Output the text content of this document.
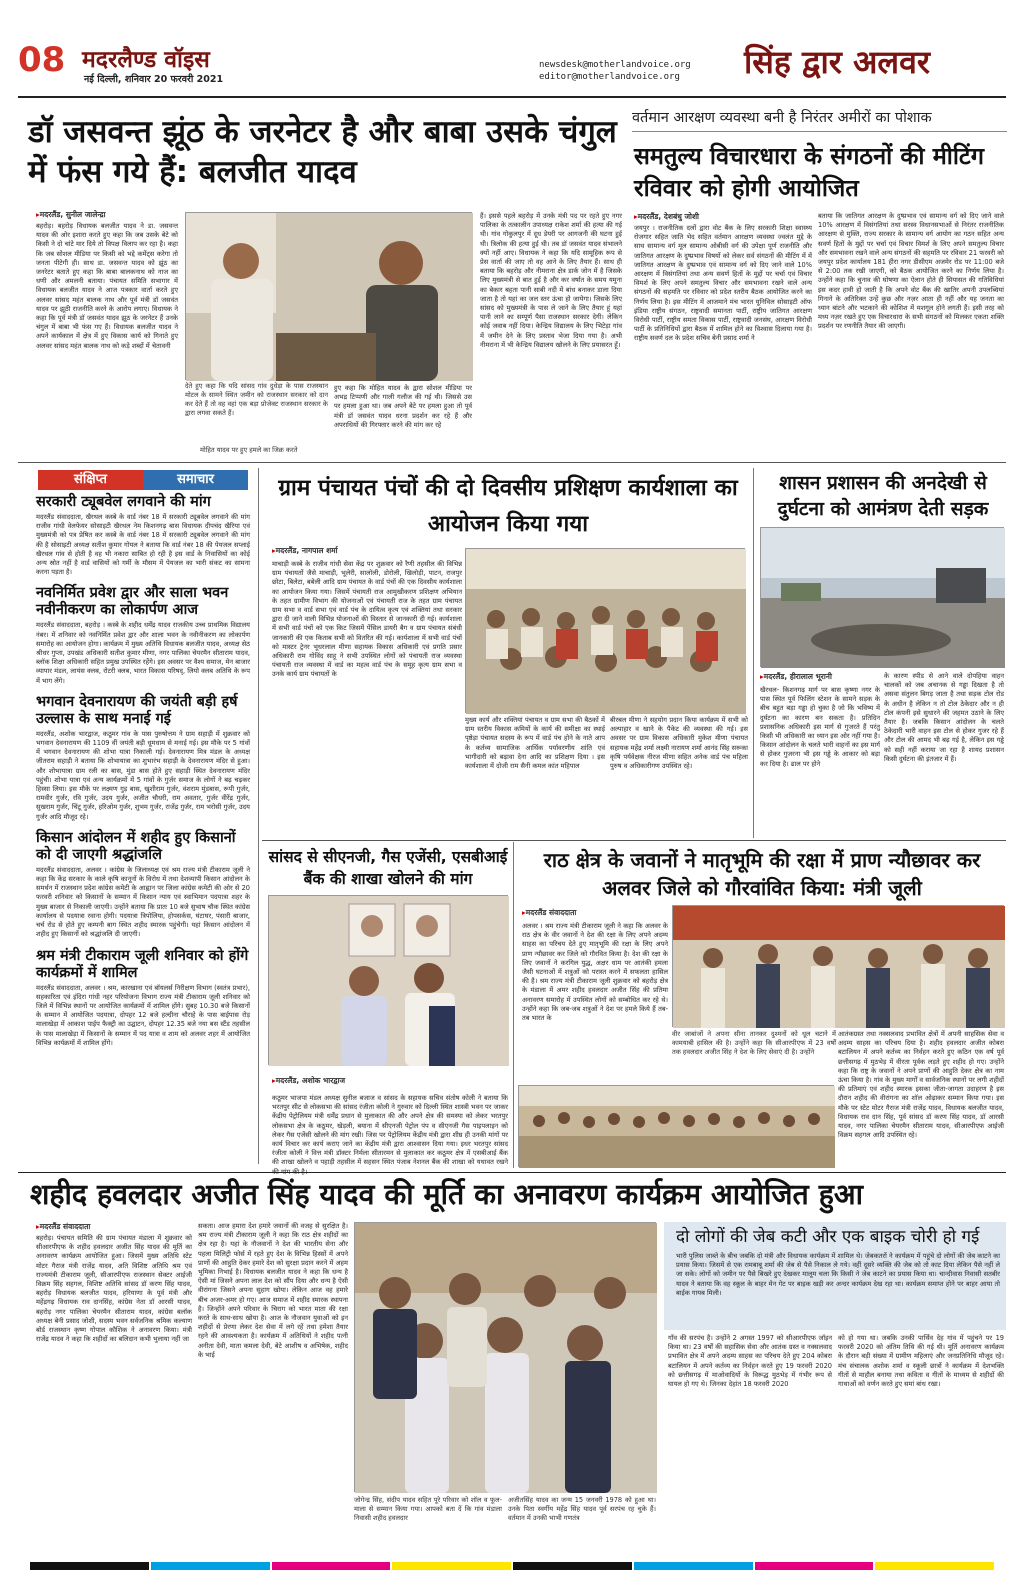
08 मदरलैण्ड वॉइस
नई दिल्ली, शनिवार 20 फरवरी 2021
newsdesk@motherlandvoice.org
editor@motherlandvoice.org सिंह द्वार अलवर
डॉ जसवन्त झूंठ के जरनेटर है और बाबा उसके चंगुल में फंस गये हैं: बलजीत यादव
▸ मदरलैंड, सुनील जालेन्द्रा
बहरोड़। बहरोड़ विधायक बलजीत यादव ने डा. जसवन्त यादव की ओर इशारा करते हुए कहा कि जब उसके बेटे को किसी ने दो चांटे मार दिये तो विपक्ष विलाप कर रहा है। कहा कि जब सोशल मीडिया पर किसी को भद्दे कमेंट्स करेगा तो जनता पीटेगी ही। साथ डा. जसवन्त यादव को झूंठ का जनरेटर बताते हुए कहा कि बाबा बालकनाथ को नाज का धणी और अमलनी बताया। पंचायत समिति सभागार में विधायक बलजीत यादव ने आज पत्रकार वार्ता करते हुए अलवर सांसद महंत बालक नाथ और पूर्व मंत्री डॉ जसवंत यादव पर झूठी राजनीति करने के आरोप लगाए। विधायक ने कहा कि पूर्व मंत्री डॉ जसवंत यादव झूठ के जरनेटर हैं उनके चंगुल में बाबा भी फंस गए हैं। विधायक बलजीत यादव ने अपने कार्यकाल में क्षेत्र में हुए विकास कार्य को गिनाते हुए अलवर सांसद महंत बालक नाथ को कड़े शब्दों में चेतावनी
देते हुए कहा कि यदि सांसद गांव दुधेड़ा के पास राजस्थान मोटल के सामने स्थित जमीन को राजस्थान सरकार को दान कर देते हैं तो वह वहां एक बड़ा प्रोजेक्ट राजस्थान सरकार के द्वारा लगवा सकते हैं।
मोहित यादव पर हुए हमले का जिक्र करते
हुए कहा कि मोहित यादव के द्वारा सोशल मीडिया पर अभद्र टिप्पणी और गाली गलौज की गई थी। जिससे उस पर हमला हुआ था। जब अपने बेटे पर हमला हुआ तो पूर्व मंत्री डॉ जसवंत यादव धरना प्रदर्शन कर रहे हैं और अपराधियों की गिरफ्तार करने की मांग कर रहे
हैं। इससे पहले बहरोड़ में उनके मंत्री पद पर रहते हुए नगर पालिका के तत्कालीन उपाध्यक्ष राकेश शर्मा की हत्या की गई थी। गांव गोकुलपुर में दूध डेयरी पर आगजनी की घटना हुई थी। त्रिलोक की हत्या हुई थी। तब डॉ जसवंत यादव संभालने क्यों नहीं आए। विधायक ने कहा कि यदि सामूहिक रूप से प्रेस वार्ता की जाए तो वह आने के लिए तैयार हैं। साथ ही बताया कि बहरोड़ और नीमराना क्षेत्र डार्क जोन में है जिसके लिए मुख्यमंत्री से बात हुई है और कर वर्षात के समय यमुना का बेकार बहता पानी साबी नदी में बांध बनाकर डाला दिया जाता है तो यहां का जल स्तर ऊंचा हो जायेगा। जिसके लिए सांसद को मुख्यमंत्री के पास ले जाने के लिए तैयार हूं यहां पानी लाने का सम्पूर्ण पैसा राजस्थान सरकार देगी। लेकिन कोई जवाब नहीं दिया। केन्द्रिय विद्यालय के लिए भिटेड़ा गांव में जमीन देने के लिए प्रस्ताव भेजा दिया गया है। अभी नीमराना में भी केन्द्रिय विद्यालय खोलने के लिए प्रयासरत हूँ।
वर्तमान आरक्षण व्यवस्था बनी है निरंतर अमीरों का पोशाक
समतुल्य विचारधारा के संगठनों की मीटिंग रविवार को होगी आयोजित
▸ मदरलैंड, देशबंधु जोशी
जयपुर । राजनीतिक दलों द्वारा वोट बैंक के लिए सरकारी शिक्षा स्वास्थ्य रोजगार सहित जाति भेद सहित वर्तमान आरक्षण व्यवस्था ज्वलंत मुद्दे के साथ सामान्य वर्ग मूल सामान्य ओबीसी वर्ग की उपेक्षा पूर्ण राजनीति और जातिगत आरक्षण के दुष्प्रभाव विषयों को लेकर सर्व संगठनों की मीटिंग में में जातिगत आरक्षण के दुष्प्रभाव एवं सामान्य वर्ग को दिए जाने वाले 10% आरक्षण में विसंगतियां तथा अन्य सवर्ण हितों के मुद्दों पर चर्चा एवं विचार विमर्श के लिए अपने समतुल्य विचार और समभावना रखने वाले अन्य संगठनों की सहमति पर रविवार को प्रदेश स्तरीय बैठक आयोजित करने का निर्णय लिया है। इस मीटिंग में आजमाने मंच भारत यूनिविल सोसाइटी ऑफ इंडिया राष्ट्रीय संगठन, राष्ट्रवादी समानता पार्टी, राष्ट्रीय जातिगत आरक्षण विरोधी पार्टी, राष्ट्रीय समता विकास पार्टी, राष्ट्रवादी जनसंघ, आरक्षण विरोधी पार्टी के प्रतिनिधियों द्वारा बैठक में शामिल होने का विश्वास दिलाया गया है। राष्ट्रीय सवर्ण दल के प्रदेश सचिव बेनी प्रसाद शर्मा ने
बताया कि जातिगत आरक्षण के दुष्प्रभाव एवं सामान्य वर्ग को दिए जाने वाले 10% आरक्षण में विसंगतियां तथा सरस्व विधानसभाओं से निरंतर राजनीतिक आरक्षण से मुक्ति, राज्य सरकार के सामान्य वर्ग आयोग का गठन सहित अन्य सवर्ण हितों के मुद्दों पर चर्चा एवं विचार विमर्श के लिए अपने समतुल्य विचार और समभावना रखने वाले अन्य संगठनों की सहमति पर रविवार 21 फरवरी को जयपुर प्रदेश कार्यालय 181 हीरा नगर डीसीएम अजमेर रोड पर 11:00 बजे से 2:00 तक रखी जाएगी, को बैठक आयोजित करने का निर्णय लिया है। उन्होंने कहा कि चुनाव की घोषणा का ऐलान होते ही सियासत की गतिविधियां इस कदर हावी हो जाती है कि अपने वोट बैंक की खातिर अपनी उपलब्धियां गिनाने के अतिरिक्त उन्हें कुछ और नज़र आता ही नहीं और यह जनता का ध्यान बांटने और भटकाने की कोशिश में मशगूल होने लगती हैं। इसी तरह को मध्य नज़र रखते हुए एक विचारधारा के सभी संगठनों को मिलकर एकता शक्ति प्रदर्शन पर रणनीति तैयार की जाएगी।
संक्षिप्त	समाचार
सरकारी ट्यूबवेल लगवाने की मांग
मदरलैंड संवाददाता, खैरथल कस्बे के वार्ड नंबर 18 में सरकारी ट्यूबवेल लगवाने की मांग राजीव गांधी वेलफेयर सोसाइटी खैरथल नेम किशनगढ़ बास विधायक दीपचंद खैरिया एवं मुख्यमंत्री को पत्र प्रेषित कर कस्बे के वार्ड नंबर 18 में सरकारी ट्यूबवेल लगवाने की मांग की है सोसाइटी अध्यक्ष सतीश कुमार गोयल ने बताया कि वार्ड नंबर 18 की पेयजल सप्लाई खैरथल गांव से होती है वह भी नकारा साबित हो रही है इस वार्ड के निवासियों का कोई अन्य स्रोत नहीं है वार्ड वासियों को गर्मी के मौसम में पेयजल का भारी संकट का सामना करना पड़ता है।
नवनिर्मित प्रवेश द्वार और साला भवन नवीनीकरण का लोकार्पण आज
मदरलैंड संवाददाता, बहरोड़ । कस्बे के शहीद धर्मेंद्र यादव राजकीय उच्च प्राथमिक विद्यालय नंबर। में शनिवार को नवनिर्मित प्रवेश द्वार और शाला भवन के नवीनीकरण का लोकार्पण समारोह का आयोजन होगा। कार्यक्रम में मुख्य अतिथि विधायक बलजीत यादव, अध्यक्ष सेठ श्रीधर गुप्ता, उपखंड अधिकारी सतीश कुमार मीणा, नगर पालिका चेयरमैन सीताराम यादव, ब्लॉक शिक्षा अधिकारी सहित प्रमुख उपस्थित रहेंगे। इस अवसर पर वैश्य समाज, मेन बाजार व्यापार मंडल, लायंस क्लब, रोटरी क्लब, भारत विकास परिषद्, लियो क्लब अतिथि के रूप में भाग लेंगे।
भगवान देवनारायण की जयंती बड़ी हर्ष उल्लास के साथ मनाई गई
मदरलैंड, अशोक भारद्वाज, कठूमर गांव के पास पुरुषोत्तम ने ग्राम सहाड़ी में शुक्रवार को भगवान देवनारायण की 1109 वीं जयंती बड़ी धूमधाम से मनाई गई। इस मौके पर 5 गांवों में भगवान देवनारायण की शोभा यात्रा निकाली गई। देवनारायण मित्र मंडल के अध्यक्ष जीतराम सहाड़ी ने बताया कि शोभायात्रा का शुभारंभ सहाड़ी के देवनारायण मंदिर से हुआ। और शोभायात्रा ग्राम रली का बास, मुंडा बास होते हुए सहाड़ी स्थित देवनारायण मंदिर पहुंची। शोभा यात्रा एवं अन्य कार्यक्रमों में 5 गांवों के गुर्जर समाज के लोगों ने बढ़ चढ़कर हिस्सा लिया। इस मौके पर लक्ष्मण गुड़ बास, खुशीराम गुर्जर, वंशराम मुंडबास, रूपी गुर्जर, रामवीर गुर्जर, रवि गुर्जर, उदय गुर्जर, अजीत चौधरी, राम अवतार, गुर्जर वीरेंद्र गुर्जर, सुखराम गुर्जर, चिंटू गुर्जर, हरिओम गुर्जर, शुभम गुर्जर, राजेंद्र गुर्जर, राम भरोसी गुर्जर, उदय गुर्जर आदि मौजूद रहे।
किसान आंदोलन में शहीद हुए किसानों को दी जाएगी श्रद्धांजलि
मदरलैंड संवाददाता, अलवर । कांग्रेस के जिलाध्यक्ष एवं श्रम राज्य मंत्री टीकाराम जूली ने कहा कि केंद्र सरकार के काले कृषि कानूनों के विरोध में तथा देशव्यापी किसान आंदोलन के समर्थन में राजस्थान प्रदेश कांग्रेस कमेटी के आह्वान पर जिला कांग्रेस कमेटी की ओर से 20 फरवरी शनिवार को किसानों के सम्मान में किसान न्याय एवं स्वाभिमान पदयात्रा शहर के मुख्य बाजार से निकाली जाएगी। उन्होंने बताया कि प्रातः 10 बजे सुभाष चौक स्थित कांग्रेस कार्यालय से पदयात्रा रवाना होगी। पदयात्रा त्रिपोलिया, होपसर्कस, घंटाघर, पंसारी बाजार, चर्च रोड से होते हुए कम्पनी बाग स्थित शहीद स्मारक पहुंचेगी। यहां किसान आंदोलन में शहीद हुए किसानों को श्रद्धांजलि दी जाएगी।
श्रम मंत्री टीकाराम जूली शनिवार को होंगे कार्यक्रमों में शामिल
मदरलैंड संवाददाता, अलवर । श्रम, कारखाना एवं बॉयलर्स निरीक्षण विभाग (स्वतंत्र प्रभार), सहकारिता एवं इंदिरा गांधी नहर परियोजना विभाग राज्य मंत्री टीकाराम जूली शनिवार को जिले में विभिन्न स्थानों पर आयोजित कार्यक्रमों में शामिल होंगे। सुबह 10.30 बजे किसानों के सम्मान में आयोजित पदयात्रा, दोपहर 12 बजे हल्दीना चौराहे के पास बाईपास रोड़ मालाखेड़ा में आकाश पाईप फैक्ट्री का उद्घाटन, दोपहर 12.35 बजे नया बस स्टैंड तहसील के पास मालाखेड़ा में किसानों के सम्मान में पद यात्रा व शाम को अलवर शहर में आयोजित विभिन्न कार्यक्रमों में शामिल होंगे।
ग्राम पंचायत पंचों की दो दिवसीय प्रशिक्षण कार्यशाला का आयोजन किया गया
▸ मदरलैंड, नागपाल शर्मा
माचाड़ी कस्बे के राजीव गांधी सेवा केंद्र पर शुक्रवार को रैणी तहसील की विभिन्न ग्राम पंचायतों जैसे माचाड़ी, भूलेरी, सालोली, डोरोली, खिलोड़ी, पाटन, राजपुर छोटा, बिलेटा, बबेली आदि ग्राम पंचायत के वार्ड पंचों की एक दिवसीय कार्यशाला का आयोजन किया गया। जिसमें पंचायती राज आमुखीकरण प्रशिक्षण अभियान के तहत ग्रामीण विभाग की योजनाओं एवं पंचायती राज के तहत ग्राम पंचायत ग्राम सभा व वार्ड सभा एवं वार्ड पंच के दायित्व कृत्य एवं शक्तियां तथा सरकार द्वारा दी जाने वाली विभिन्न योजनाओं की विस्तार से जानकारी दी गई। कार्यशाला में सभी वार्ड पंचों को एक किट जिसमें पेंसिल डायरी बैग व ग्राम पंचायत संबंधी जानकारी की एक किताब सभी को वितरित की गई। कार्यशाला में सभी वार्ड पंचों को मास्टर ट्रेनर भूधरलाल मीणा सहायक विकास अधिकारी एवं प्रगति प्रसार अधिकारी राम गोविंद साहू ने सभी उपस्थित लोगों को पंचायती राज व्यवस्था पंचायती राज व्यवस्था में वार्ड का महत्व वार्ड पंच के समूह कृत्य ग्राम सभा व उनके कार्य ग्राम पंचायतों के
मुख्य कार्य और शक्तियां पंचायत व ग्राम सभा की बैठकों में ग्राम स्तरीय विकास कमियों के कार्य की समीक्षा का स्थाई पृष्ठेड़ा पंचायत सदस्य के रूप में वार्ड पंच होने के नाते आप के कर्तव्य सामाजिक आर्थिक पर्यावरणीय शांति एवं भागीदारी को बढ़ावा देना आदि का प्रशिक्षण दिया । इस कार्यशाला में दोजी राम सैनी कमल कांत महिपाल
बीरबल मीणा ने सहयोग प्रदान किया कार्यक्रम में सभी को अल्पाहार व खाने के पैकेट की व्यवस्था की गई। इस अवसर पर ग्राम विकास अधिकारी मुकेश मीणा पंचायत सहायक महेंद्र शर्मा लक्ष्मी नारायण शर्मा आनंद सिंह सरूका कृषि पर्यवेक्षक नीरज मीणा सहित अनेक वार्ड पंच महिला पुरुष व अधिकारीगण उपस्थित रहे।
शासन प्रशासन की अनदेखी से दुर्घटना को आमंत्रण देती सड़क
▸ मदरलैंड, हीरालाल भूरानी
खैरथल- किशनगढ़ मार्ग पर बास कृष्णा नगर के पास स्थित पूर्व फिलिंग स्टेशन के सामने सड़क के बीच बहुत बड़ा गड्ढा हो चुका है जो कि भविष्य में दुर्घटना का कारण बन सकता है। प्रतिदिन प्रशासनिक अधिकारी इस मार्ग से गुजरते हैं परंतु किसी भी अधिकारी का ध्यान इस ओर नहीं गया है। किसान आंदोलन के चलते भारी वाहनों का इस मार्ग से होकर गुजरना भी इस गड्ढे के आकार को बड़ा कर दिया है। ढाल पर होने
के कारण स्पीड से आने वाले दोपहिया वाहन चालकों को जब अचानक से गड्ढा दिखता है तो असवा संतुलन बिगड़ जाता है तथा सड़क टोल रोड के अधीन है लेकिन न तो टोल ठेकेदार और न ही टोल कंपनी इसे सुधारने की जहमत उठाने के लिए तैयार है। जबकि किसान आंदोलन के चलते ठेकेदारी भारी वाहन इस टोल से होकर गुजर रहे हैं और टोल की आमद भी बढ़ गई है, लेकिन इस गड्ढे को सही नहीं कराया जा रहा है शायद प्रशासन किसी दुर्घटना की इंतजार में हैं।
सांसद से सीएनजी, गैस एजेंसी, एसबीआई बैंक की शाखा खोलने की मांग
▸ मदरलैंड, अशोक भारद्वाज
कठूमर भाजपा मंडल अध्यक्ष सुनील बजाज व सांसद के सहायक सचिव संतोष कोली ने बताया कि भरतपुर सीट से लोकसभा की सांसद रंजीता कोली ने गुरुवार को दिल्ली स्थित शास्त्री भवन पर जाकर केंद्रीय पेट्रोलियम मंत्री धर्मेंद्र प्रधान से मुलाकात की और अपने क्षेत्र की समस्या को लेकर भरतपुर लोकसभा क्षेत्र के कठूमर, खेड़ली, बयाना में सीएनजी पेट्रोल पंप व सीएनजी गैस पाइपलाइन को लेकर गैस एजेंसी खोलने की मांग रखी। जिस पर पेट्रोलियम केंद्रीय मंत्री द्वारा शीघ्र ही उनकी मांगों पर कार्य विचार कर कार्य कराए जाने का केंद्रीय मंत्री द्वारा आश्वासन दिया गया। इधर भरतपुर सांसद रंजीता कोली ने वित्त मंत्री डॉक्टर निर्मला सीतारमन से मुलाकात कर कठूमर क्षेत्र में एसबीआई बैंक की शाखा खोलने व पहाड़ी तहसील में सहसन स्थित पंजाब नेशनल बैंक की शाखा को यथावत रखने
राठ क्षेत्र के जवानों ने मातृभूमि की रक्षा में प्राण न्यौछावर कर अलवर जिले को गौरवांवित किया: मंत्री जूली
▸ मदरलैंड संवाददाता
अलवर । श्रम राज्य मंत्री टीकाराम जूली ने कहा कि अलवर के राठ क्षेत्र के वीर जवानों ने देश की रक्षा के लिए अपने अदम्य साहस का परिचय देते हुए मातृभूमि की रक्षा के लिए अपने प्राण न्यौछावर कर जिले को गौरवित किया है। देश की रक्षा के लिए जवानों ने करगिल युद्ध, अक्षर धाम पर आतंकी हमला जैसी घटनाओं में शत्रुओं को परास्त करने में सफलता हासिल की है। श्रम राज्य मंत्री टीकाराम जूली शुक्रवार को बहरोड़ क्षेत्र के मंडाला में अमर शहीद हवलदार अजीत सिंह की प्रतिमा अनावरण समारोह में उपस्थित लोगों को सम्बोधित कर रहे थे। उन्होंने कहा कि जब-जब शत्रुओं ने देश पर हमले किये हैं तब-तब भारत के
वीर जाबांजों ने अपना सीना तानकर दुश्मनों को धूल चटाने में कामयाबी हासिल की है। उन्होंने कहा कि सीआरपीएफ में 23 वर्षों तक हवलदार अजीत सिंह ने देश के लिए सेवाएं दी है। उन्होंने
आतंकग्रस्त तथा नक्सलवाद प्रभावित क्षेत्रों में अपनी साहसिक सेवा व अदम्य साहस का परिचय दिया है। शहीद हवलदार अजीत कोबरा बटालियन में अपने कर्तव्य का निर्वहन करते हुए कठिन एक वर्ष पूर्व छत्तीसगढ़ में मुठभेड़ में वीरता पूर्वक लड़ते हुए शहीद हो गए। उन्होंने कहा कि राष्ट्र के जवानों ने अपने प्राणों की आहुति देकर क्षेत्र का नाम ऊंचा किया है। गांव के मुख्य मार्गों व सार्वजनिक स्थानों पर लगी शहीदों की प्रतिमाएं एवं शहीद स्मारक इसका जीता-जागता उदाहरण है इस दौरान शहीद की वीरांगना का शॉल ओढ़ाकर सम्मान किया गया। इस मौके पर स्टेट मोटर गैराज मंत्री राजेंद्र यादव, विधायक बलजीत यादव, विधायक राव दान सिंह, पूर्व सांसद डॉ करण सिंह यादव, डॉ आरसी यादव, नगर पालिका चेयरमैन सीताराम यादव, सीआरपीएफ आईजी विक्रम सहगल आदि उपस्थित रहे।
शहीद हवलदार अजीत सिंह यादव की मूर्ति का अनावरण कार्यक्रम आयोजित हुआ
▸ मदरलैंड संवाददाता
बहरोड़। पंचायत समिति की ग्राम पंचायत मंडाला में शुक्रवार को सीआरपीएफ के शहीद हवलदार अजीत सिंह यादव की मूर्ति का अनावरण कार्यक्रम आयोजित हुआ। जिसमें मुख्य अतिथि स्टेट मोटर गैराज मंत्री राजेंद्र यादव, अति विशिष्ट अतिथि श्रम एवं राज्यमंत्री टीकाराम जूली, सीआरपीएफ राजस्थान सेक्टर आईजी विक्रम सिंह सहगल, विशिष्ट अतिथि सांसद डॉ करण सिंह यादव, बहरोड़ विधायक बलजीत यादव, हरियाणा के पूर्व मंत्री और महेंद्रगढ़ विधायक राव दानसिंह, कांग्रेस नेता डॉ आरसी यादव, बहरोड़ नगर पालिका चेयरमैन सीताराम यादव, कांग्रेस बलॉक अध्यक्ष बेनी प्रसाद जोशी, सदस्य भवन सर्वजनिक श्रमिक कल्याण बोर्ड राजस्थान कृष्ण गोपाल कौशिक ने अनावरण किया। मंत्री राजेंद्र यादव ने कहा कि शहीदों का बलिदान कभी भुलाया नहीं जा
सकता। आज हमारा देश हमारे जवानों की वजह से सुरक्षित है। श्रम राज्य मंत्री टीकाराम जूली ने कहा कि राठ क्षेत्र शहीदों का क्षेत्र रहा है। यहां के नौजवानों ने देश की भारतीय सेना और पहला मिलिट्री फोर्स में रहते हुए देश के विभिन्न हिस्सों में अपने प्राणों की आहुति देकर हमारे देश को सुरक्षा प्रदान करने में अहम भूमिका निभाई है। विधायक बलजीत यादव ने कहा कि धन्य है ऐसी मां जिसने अपना लाल देश को सौंप दिया और धन्य है ऐसी वीरांगना जिसने अपना सुहाग खोया। लेकिन आज वह हमारे बीच अजर-अमर हो गए। आज समाज में शहीद स्मारक स्थापना है। जिन्होंने अपने परिवार के चिराग को भारत माता की रक्षा करते के साथ-साथ खोया है। आज के नौजवान युवाओं को इन शहीदों से प्रेरणा लेकर देश सेवा में लगे रहें तथा हमेशा तैयार रहने की आवश्यकता है। कार्यक्रम में अतिथियों ने शहीद पत्नी अनीता देवी, माता कमला देवी, बेटे आशीष व अभिषेक, शहीद के भाई
जोगेन्द्र सिंह, संदीप यादव सहित पूरे परिवार को शॉल व फूल-माला से सम्मान किया गया। आपको बता दें कि गांव मंडाला निवासी शहीद हवलदार
अजीतसिंह यादव का जन्म 15 जनवरी 1978 को हुआ था। उनके पिता स्वर्गीय महेंद्र सिंह यादव पूर्व सरपंच रह चुके हैं। वर्तमान में उनकी भाभी गणतंत्र
दो लोगों की जेब कटी और एक बाइक चोरी हो गई
भारी पुलिस जाब्ते के बीच जबकि दो मंत्री और विधायक कार्यक्रम में शामिल थे। जेबकतरों ने कार्यक्रम में पहुंचे दो लोगों की जेब काटने का प्रयास किया। जिसमें से एक रामबाबू शर्मा की जेब से पैसे निकाल ले गये। वहीं दूसरे व्यक्ति की जेब को तो काट दिया लेकिन पैसे नहीं ले जा सके। लोगों को जमीन पर पैसे बिखरे हुए देखकर मालूम चला कि किसी ने जेब काटने का प्रयास किया था। चान्दीवास निवासी सतबीर यादव ने बताया कि वह स्कूल के बाहर मेन गेट पर बाइक खड़ी कर अन्दर कार्यक्रम देख रहा था। कार्यक्रम समाप्त होने पर बाहर आया तो बाईक गायब मिली।
गाँव की सरपंच है। उन्होंने 2 अगस्त 1997 को सीआरपीएफ जॉइन किया था। 23 वर्षों की सहासिक सेवा और आतंक ग्रस्त व नक्सलवाद प्रभावित क्षेत्र में अपने अदम्य साहस का परिचय देते हुए 204 कोबरा बटालियन में अपने कर्तव्य का निर्वहन करते हुए 19 फरवरी 2020 को छत्तीसगढ़ में माओवादियों के विरूद्ध मुठभेड़ में गंभीर रूप से घायल हो गए थे। जिनका देहांत 18 फरवरी 2020
को हो गया था। जबकि उनकी पार्थिव देह गांव में पहुंचने पर 19 फरवरी 2020 को अंतिम तिथि की गई थी। मूर्ति अनावरण कार्यक्रम के दौरान बड़ी संख्या में ग्रामीण महिलाएं और जनप्रतिनिधि मौजूद रहे। मंच संचालक अशोक शर्मा व स्कूली छात्रों ने कार्यक्रम में देशभक्ति गीतों से माहौल बनाया तथा कविता व गीतों के माध्यम से शहीदों की गाथाओं को वर्णन करते हुए समां बांध रखा।
